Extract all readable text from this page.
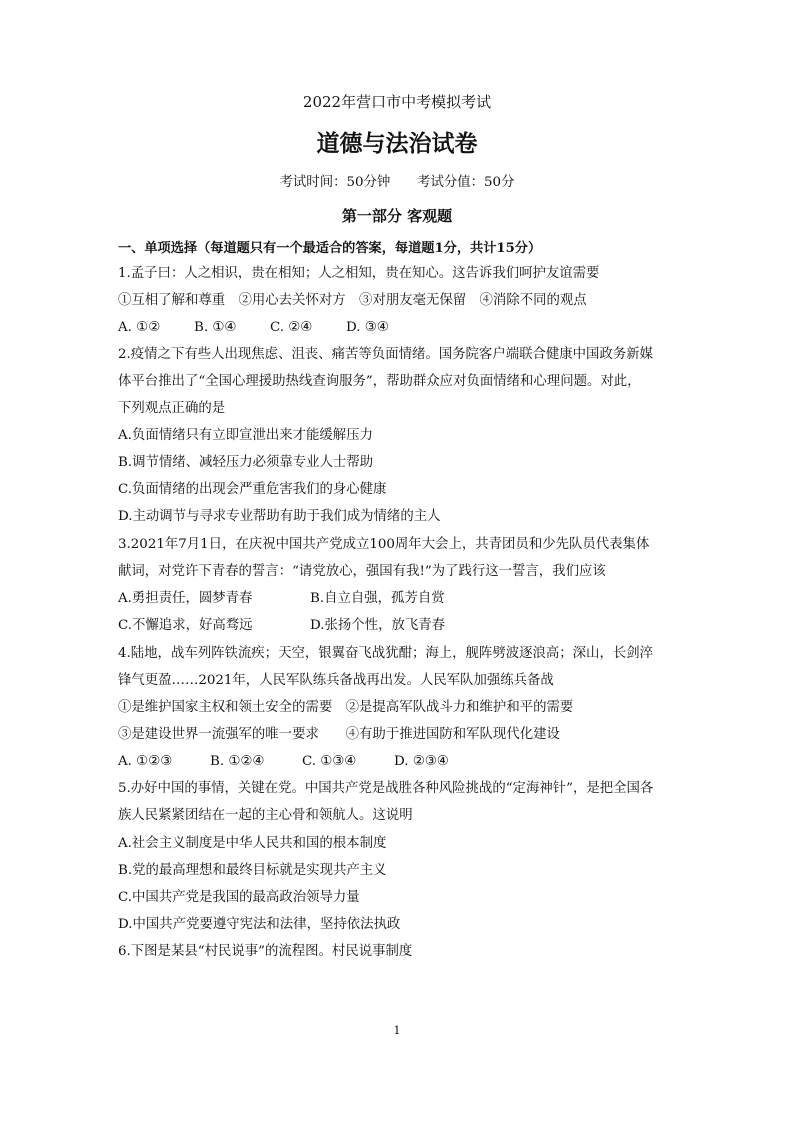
2022年营口市中考模拟考试
道德与法治试卷
考试时间：50分钟　　考试分值：50分
第一部分 客观题
一、单项选择（每道题只有一个最适合的答案，每道题1分，共计15分）
1.孟子曰：人之相识，贵在相知；人之相知，贵在知心。这告诉我们呵护友谊需要
①互相了解和尊重　②用心去关怀对方　③对朋友毫无保留　④消除不同的观点
A. ①②	B. ①④	C. ②④	D. ③④
2.疫情之下有些人出现焦虑、沮丧、痛苦等负面情绪。国务院客户端联合健康中国政务新媒
体平台推出了“全国心理援助热线查询服务”，帮助群众应对负面情绪和心理问题。对此，
下列观点正确的是
A.负面情绪只有立即宣泄出来才能缓解压力
B.调节情绪、减轻压力必须靠专业人士帮助
C.负面情绪的出现会严重危害我们的身心健康
D.主动调节与寻求专业帮助有助于我们成为情绪的主人
3.2021年7月1日，在庆祝中国共产党成立100周年大会上，共青团员和少先队员代表集体
献词，对党许下青春的誓言：“请党放心，强国有我!”为了践行这一誓言，我们应该
A.勇担责任，圆梦青春	B.自立自强，孤芳自赏
C.不懈追求，好高骛远	D.张扬个性，放飞青春
4.陆地，战车列阵铁流疾；天空，银翼奋飞战犹酣；海上，舰阵劈波逐浪高；深山，长剑淬
锋气更盈……2021年，人民军队练兵备战再出发。人民军队加强练兵备战
①是维护国家主权和领土安全的需要　②是提高军队战斗力和维护和平的需要
③是建设世界一流强军的唯一要求　　④有助于推进国防和军队现代化建设
A. ①②③	B. ①②④	C. ①③④	D. ②③④
5.办好中国的事情，关键在党。中国共产党是战胜各种风险挑战的“定海神针”，是把全国各
族人民紧紧团结在一起的主心骨和领航人。这说明
A.社会主义制度是中华人民共和国的根本制度
B.党的最高理想和最终目标就是实现共产主义
C.中国共产党是我国的最高政治领导力量
D.中国共产党要遵守宪法和法律，坚持依法执政
6.下图是某县“村民说事”的流程图。村民说事制度
1
